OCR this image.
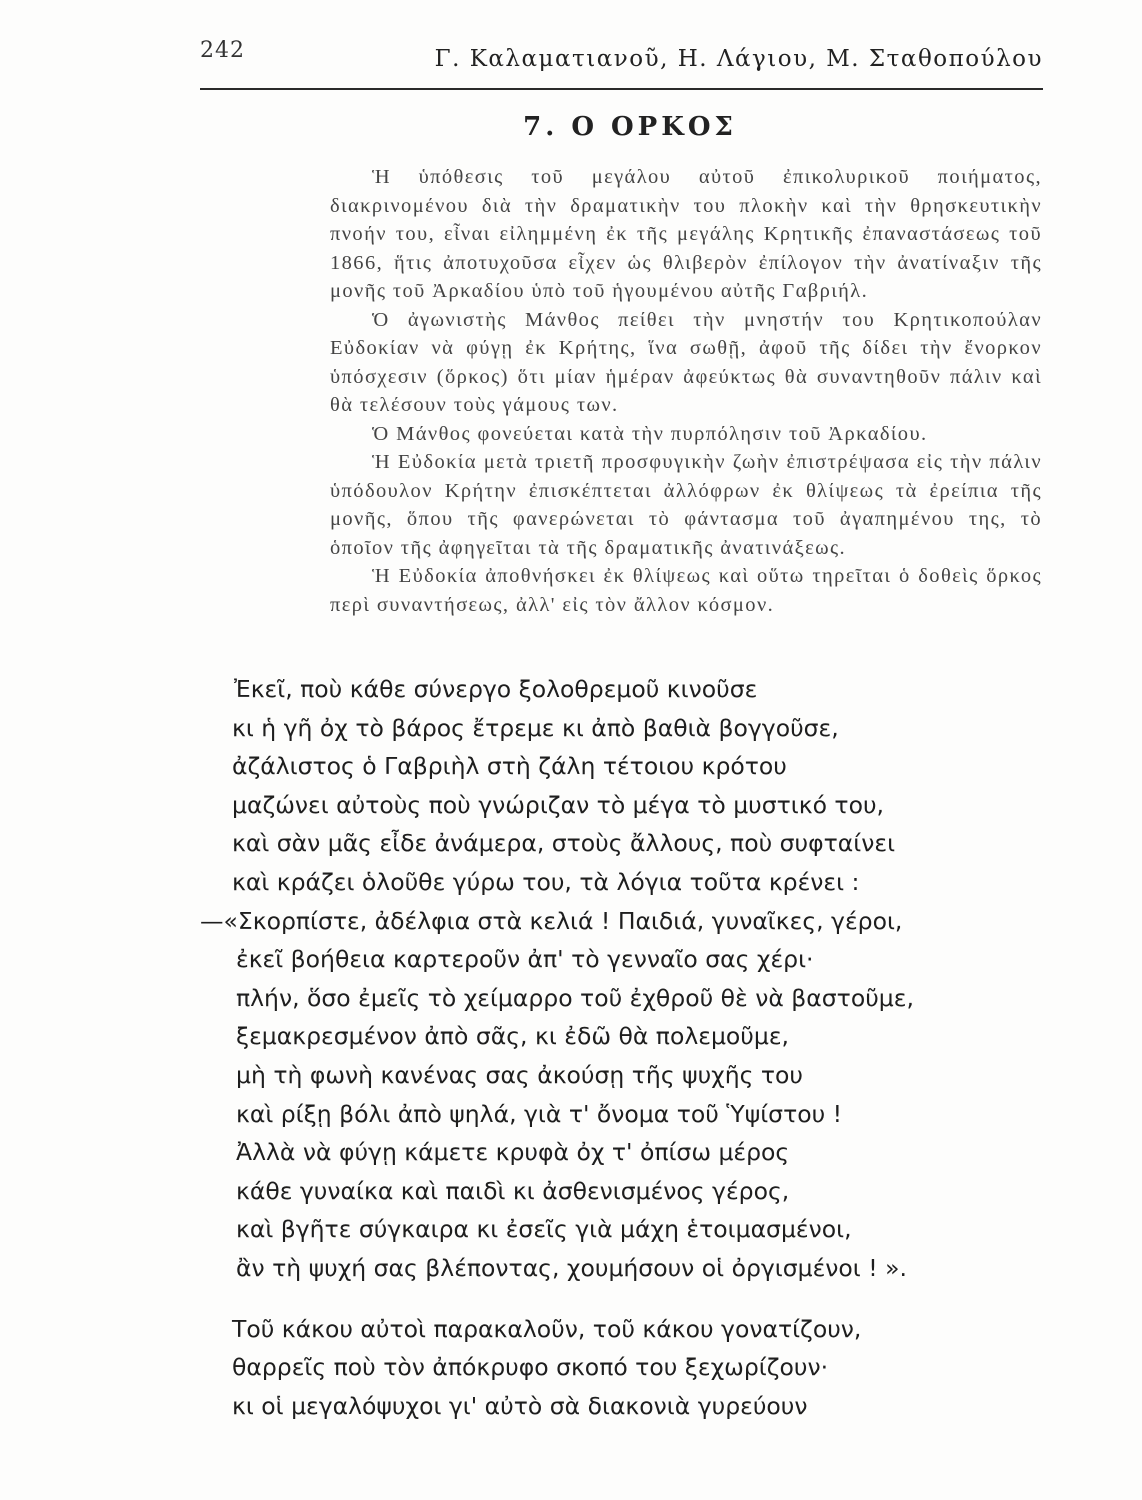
242	Γ. Καλαματιανοῦ, Η. Λάγιου, Μ. Σταθοπούλου
7. Ο ΟΡΚΟΣ

Ἡ ὑπόθεσις τοῦ μεγάλου αὐτοῦ ἐπικολυρικοῦ ποιήματος, διακρινομένου διὰ τὴν δραματικὴν του πλοκὴν καὶ τὴν θρησκευτικὴν πνοήν του, εἶναι εἰλημμένη ἐκ τῆς μεγάλης Κρητικῆς ἐπαναστάσεως τοῦ 1866, ἥτις ἀποτυχοῦσα εἶχεν ὡς θλιβερὸν ἐπίλογον τὴν ἀνατίναξιν τῆς μονῆς τοῦ Ἀρκαδίου ὑπὸ τοῦ ἡγουμένου αὐτῆς Γαβριήλ.

Ὁ ἀγωνιστὴς Μάνθος πείθει τὴν μνηστήν του Κρητικοπούλαν Εὐδοκίαν νὰ φύγῃ ἐκ Κρήτης, ἵνα σωθῇ, ἀφοῦ τῆς δίδει τὴν ἔνορκον ὑπόσχεσιν (ὅρκος) ὅτι μίαν ἡμέραν ἀφεύκτως θὰ συναντηθοῦν πάλιν καὶ θὰ τελέσουν τοὺς γάμους των.

Ὁ Μάνθος φονεύεται κατὰ τὴν πυρπόλησιν τοῦ Ἀρκαδίου.

Ἡ Εὐδοκία μετὰ τριετῆ προσφυγικὴν ζωὴν ἐπιστρέψασα εἰς τὴν πάλιν ὑπόδουλον Κρήτην ἐπισκέπτεται ἀλλόφρων ἐκ θλίψεως τὰ ἐρείπια τῆς μονῆς, ὅπου τῆς φανερώνεται τὸ φάντασμα τοῦ ἀγαπημένου της, τὸ ὁποῖον τῆς ἀφηγεῖται τὰ τῆς δραματικῆς ἀνατινάξεως.

Ἡ Εὐδοκία ἀποθνήσκει ἐκ θλίψεως καὶ οὕτω τηρεῖται ὁ δοθεὶς ὅρκος περὶ συναντήσεως, ἀλλ' εἰς τὸν ἄλλον κόσμον.

Ἐκεῖ, ποὺ κάθε σύνεργο ξολοθρεμοῦ κινοῦσε
κι ἡ γῆ ὀχ τὸ βάρος ἔτρεμε κι ἀπὸ βαθιὰ βογγοῦσε,
ἀζάλιστος ὁ Γαβριὴλ στὴ ζάλη τέτοιου κρότου
μαζώνει αὐτοὺς ποὺ γνώριζαν τὸ μέγα τὸ μυστικό του,
καὶ σὰν μᾶς εἶδε ἀνάμερα, στοὺς ἄλλους, ποὺ συφταίνει
καὶ κράζει ὁλοῦθε γύρω του, τὰ λόγια τοῦτα κρένει :
—«Σκορπίστε, ἀδέλφια στὰ κελιά ! Παιδιά, γυναῖκες, γέροι,
ἐκεῖ βοήθεια καρτεροῦν ἀπ' τὸ γενναῖο σας χέρι·
πλήν, ὅσο ἐμεῖς τὸ χείμαρρο τοῦ ἐχθροῦ θὲ νὰ βαστοῦμε,
ξεμακρεσμένον ἀπὸ σᾶς, κι ἐδῶ θὰ πολεμοῦμε,
μὴ τὴ φωνὴ κανένας σας ἀκούσῃ τῆς ψυχῆς του
καὶ ρίξῃ βόλι ἀπὸ ψηλά, γιὰ τ' ὄνομα τοῦ Ὑψίστου !
Ἀλλὰ νὰ φύγῃ κάμετε κρυφὰ ὀχ τ' ὀπίσω μέρος
κάθε γυναίκα καὶ παιδὶ κι ἀσθενισμένος γέρος,
καὶ βγῆτε σύγκαιρα κι ἐσεῖς γιὰ μάχη ἑτοιμασμένοι,
ἂν τὴ ψυχή σας βλέποντας, χουμήσουν οἱ ὀργισμένοι ! ».
Τοῦ κάκου αὐτοὶ παρακαλοῦν, τοῦ κάκου γονατίζουν,
θαρρεῖς ποὺ τὸν ἀπόκρυφο σκοπό του ξεχωρίζουν·
κι οἱ μεγαλόψυχοι γι' αὐτὸ σὰ διακονιὰ γυρεύουν
